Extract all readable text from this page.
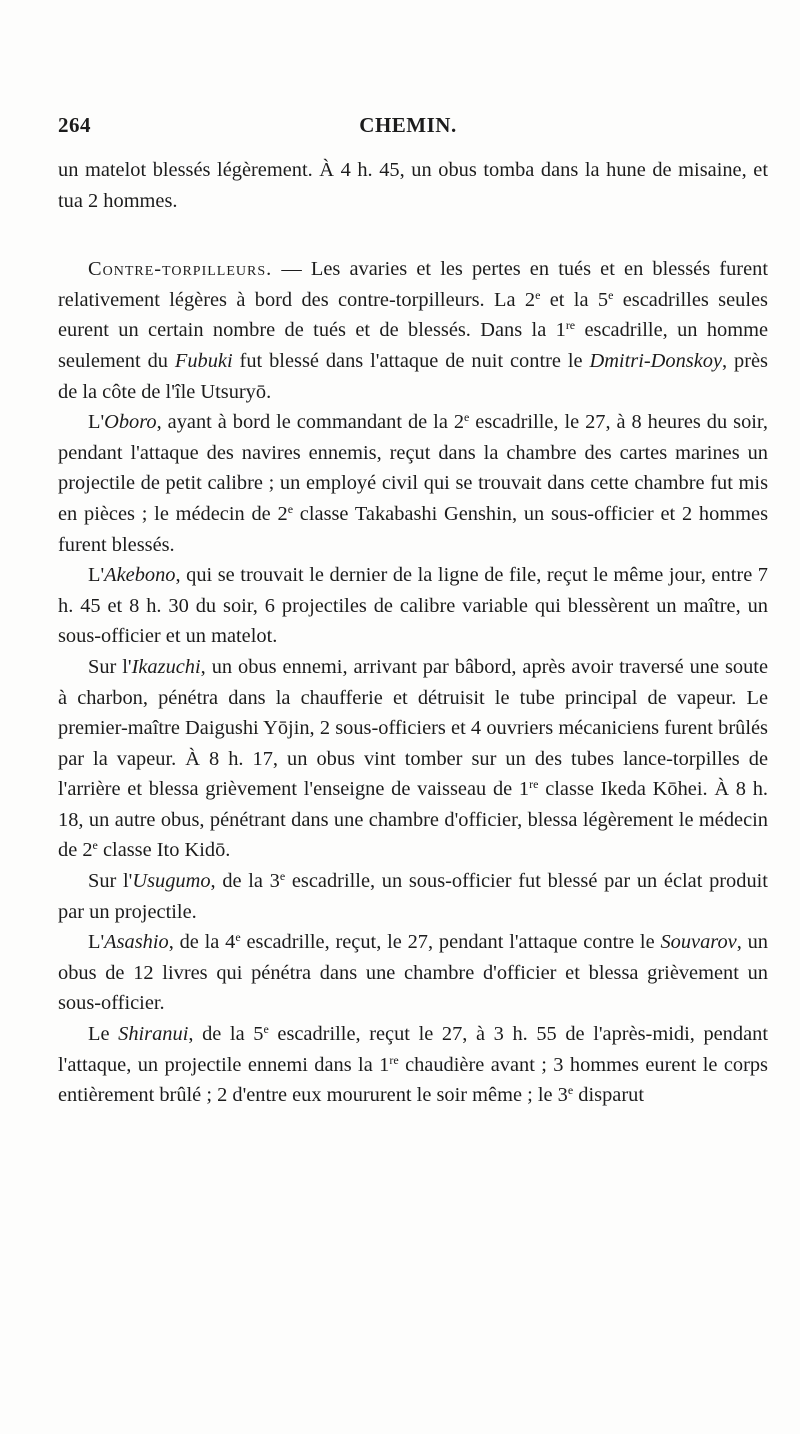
264	CHEMIN.

un matelot blessés légèrement. À 4 h. 45, un obus tomba dans la hune de misaine, et tua 2 hommes.

Contre-torpilleurs. — Les avaries et les pertes en tués et en blessés furent relativement légères à bord des contre-torpilleurs. La 2e et la 5e escadrilles seules eurent un certain nombre de tués et de blessés. Dans la 1re escadrille, un homme seulement du Fubuki fut blessé dans l'attaque de nuit contre le Dmitri-Donskoy, près de la côte de l'île Utsuryō.

L'Oboro, ayant à bord le commandant de la 2e escadrille, le 27, à 8 heures du soir, pendant l'attaque des navires ennemis, reçut dans la chambre des cartes marines un projectile de petit calibre ; un employé civil qui se trouvait dans cette chambre fut mis en pièces ; le médecin de 2e classe Takabashi Genshin, un sous-officier et 2 hommes furent blessés.

L'Akebono, qui se trouvait le dernier de la ligne de file, reçut le même jour, entre 7 h. 45 et 8 h. 30 du soir, 6 projectiles de calibre variable qui blessèrent un maître, un sous-officier et un matelot.

Sur l'Ikazuchi, un obus ennemi, arrivant par bâbord, après avoir traversé une soute à charbon, pénétra dans la chaufferie et détruisit le tube principal de vapeur. Le premier-maître Daigushi Yōjin, 2 sous-officiers et 4 ouvriers mécaniciens furent brûlés par la vapeur. À 8 h. 17, un obus vint tomber sur un des tubes lance-torpilles de l'arrière et blessa grièvement l'enseigne de vaisseau de 1re classe Ikeda Kōhei. À 8 h. 18, un autre obus, pénétrant dans une chambre d'officier, blessa légèrement le médecin de 2e classe Ito Kidō.

Sur l'Usugumo, de la 3e escadrille, un sous-officier fut blessé par un éclat produit par un projectile.

L'Asashio, de la 4e escadrille, reçut, le 27, pendant l'attaque contre le Souvarov, un obus de 12 livres qui pénétra dans une chambre d'officier et blessa grièvement un sous-officier.

Le Shiranui, de la 5e escadrille, reçut le 27, à 3 h. 55 de l'après-midi, pendant l'attaque, un projectile ennemi dans la 1re chaudière avant ; 3 hommes eurent le corps entièrement brûlé ; 2 d'entre eux moururent le soir même ; le 3e disparut
